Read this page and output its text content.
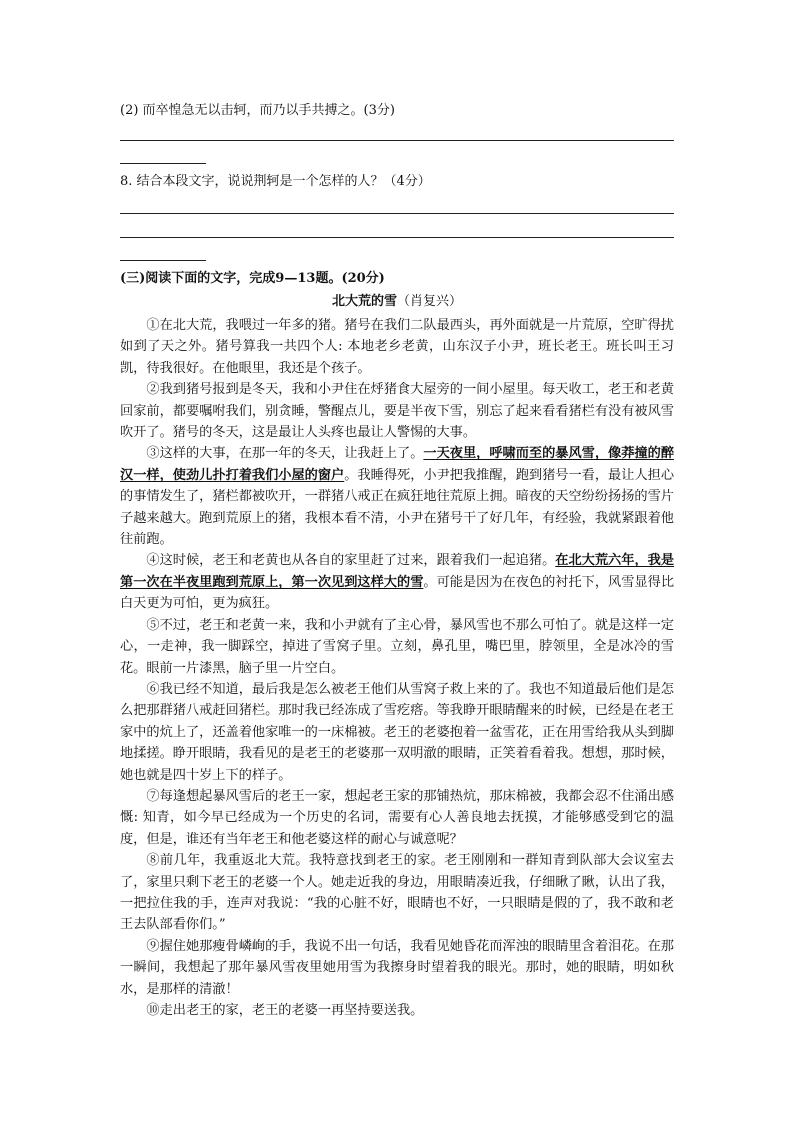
(2) 而卒惶急无以击轲，而乃以手共搏之。(3分)
8. 结合本段文字，说说荆轲是一个怎样的人？（4分）
(三)阅读下面的文字，完成9—13题。(20分)
北大荒的雪（肖复兴）

①在北大荒，我喂过一年多的猪。猪号在我们二队最西头，再外面就是一片荒原，空旷得扰如到了天之外。猪号算我一共四个人: 本地老乡老黄，山东汉子小尹，班长老王。班长叫王习凯，待我很好。在他眼里，我还是个孩子。

②我到猪号报到是冬天，我和小尹住在烀猪食大屋旁的一间小屋里。每天收工，老王和老黄回家前，都要嘱咐我们，别贪睡，警醒点儿，要是半夜下雪，别忘了起来看看猪栏有没有被风雪吹开了。猪号的冬天，这是最让人头疼也最让人警惕的大事。

③这样的大事，在那一年的冬天，让我赶上了。一天夜里，呼啸而至的暴风雪，像莽撞的醉汉一样，使劲儿扑打着我们小屋的窗户。我睡得死，小尹把我推醒，跑到猪号一看，最让人担心的事情发生了，猪栏都被吹开，一群猪八戒正在疯狂地往荒原上拥。暗夜的天空纷纷扬扬的雪片子越来越大。跑到荒原上的猪，我根本看不清，小尹在猪号干了好几年，有经验，我就紧跟着他往前跑。

④这时候，老王和老黄也从各自的家里赶了过来，跟着我们一起追猪。在北大荒六年，我是第一次在半夜里跑到荒原上，第一次见到这样大的雪。可能是因为在夜色的衬托下，风雪显得比白天更为可怕，更为疯狂。

⑤不过，老王和老黄一来，我和小尹就有了主心骨，暴风雪也不那么可怕了。就是这样一定心，一走神，我一脚踩空，掉进了雪窝子里。立刻，鼻孔里，嘴巴里，脖领里，全是冰冷的雪花。眼前一片漆黑，脑子里一片空白。

⑥我已经不知道，最后我是怎么被老王他们从雪窝子救上来的了。我也不知道最后他们是怎么把那群猪八戒赶回猪栏。那时我已经冻成了雪疙瘩。等我睁开眼睛醒来的时候，已经是在老王家中的炕上了，还盖着他家唯一的一床棉被。老王的老婆抱着一盆雪花，正在用雪给我从头到脚地揉搓。睁开眼睛，我看见的是老王的老婆那一双明澈的眼睛，正笑着看着我。想想，那时候，她也就是四十岁上下的样子。

⑦每逢想起暴风雪后的老王一家，想起老王家的那铺热炕，那床棉被，我都会忍不住涌出感慨: 知青，如今早已经成为一个历史的名词，需要有心人善良地去抚摸，才能够感受到它的温度，但是，谁还有当年老王和他老婆这样的耐心与诚意呢？

⑧前几年，我重返北大荒。我特意找到老王的家。老王刚刚和一群知青到队部大会议室去了，家里只剩下老王的老婆一个人。她走近我的身边，用眼睛凑近我，仔细瞅了瞅，认出了我，一把拉住我的手，连声对我说：“我的心脏不好，眼睛也不好，一只眼睛是假的了，我不敢和老王去队部看你们。”

⑨握住她那瘦骨嶙峋的手，我说不出一句话，我看见她昏花而浑浊的眼睛里含着泪花。在那一瞬间，我想起了那年暴风雪夜里她用雪为我擦身时望着我的眼光。那时，她的眼睛，明如秋水，是那样的清澈！

⑩走出老王的家，老王的老婆一再坚持要送我。
